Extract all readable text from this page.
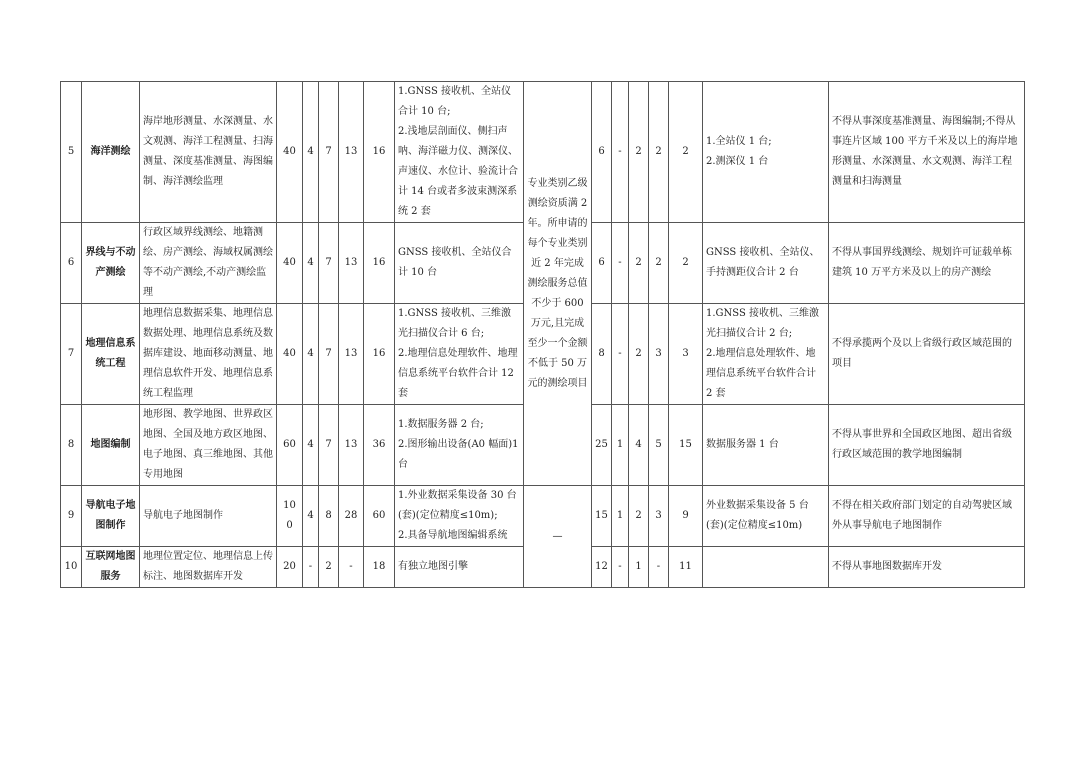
5	海洋测绘	海岸地形测量、水深测量、水文观测、海洋工程测量、扫海测量、深度基准测量、海图编制、海洋测绘监理	40	4	7	13	16	1.GNSS 接收机、全站仪合计 10 台;
2.浅地层剖面仪、侧扫声呐、海洋磁力仪、测深仪、声速仪、水位计、验流计合计 14 台或者多波束测深系统 2 套	专业类别乙级测绘资质满 2 年。所申请的每个专业类别近 2 年完成测绘服务总值不少于 600 万元,且完成至少一个金额不低于 50 万元的测绘项目	6	-	2	2	2	1.全站仪 1 台;
2.测深仪 1 台	不得从事深度基准测量、海图编制;不得从事连片区域 100 平方千米及以上的海岸地形测量、水深测量、水文观测、海洋工程测量和扫海测量
6	界线与不动产测绘	行政区域界线测绘、地籍测绘、房产测绘、海域权属测绘等不动产测绘,不动产测绘监理	40	4	7	13	16	GNSS 接收机、全站仪合计 10 台		6	-	2	2	2	GNSS 接收机、全站仪、手持测距仪合计 2 台	不得从事国界线测绘、规划许可证载单栋建筑 10 万平方米及以上的房产测绘
7	地理信息系统工程	地理信息数据采集、地理信息数据处理、地理信息系统及数据库建设、地面移动测量、地理信息软件开发、地理信息系统工程监理	40	4	7	13	16	1.GNSS 接收机、三维激光扫描仪合计 6 台;
2.地理信息处理软件、地理信息系统平台软件合计 12 套		8	-	2	3	3	1.GNSS 接收机、三维激光扫描仪合计 2 台;
2.地理信息处理软件、地理信息系统平台软件合计 2 套	不得承揽两个及以上省级行政区域范围的项目
8	地图编制	地形图、教学地图、世界政区地图、全国及地方政区地图、电子地图、真三维地图、其他专用地图	60	4	7	13	36	1.数据服务器 2 台;
2.图形输出设备(A0 幅面)1 台		25	1	4	5	15	数据服务器 1 台	不得从事世界和全国政区地图、超出省级行政区域范围的教学地图编制
9	导航电子地图制作	导航电子地图制作	100	4	8	28	60	1.外业数据采集设备 30 台(套)(定位精度≤10m);
2.具备导航地图编辑系统	—	15	1	2	3	9	外业数据采集设备 5 台(套)(定位精度≤10m)	不得在相关政府部门划定的自动驾驶区域外从事导航电子地图制作
10	互联网地图服务	地理位置定位、地理信息上传标注、地图数据库开发	20	-	2	-	18	有独立地图引擎		12	-	1	-	11		不得从事地图数据库开发
